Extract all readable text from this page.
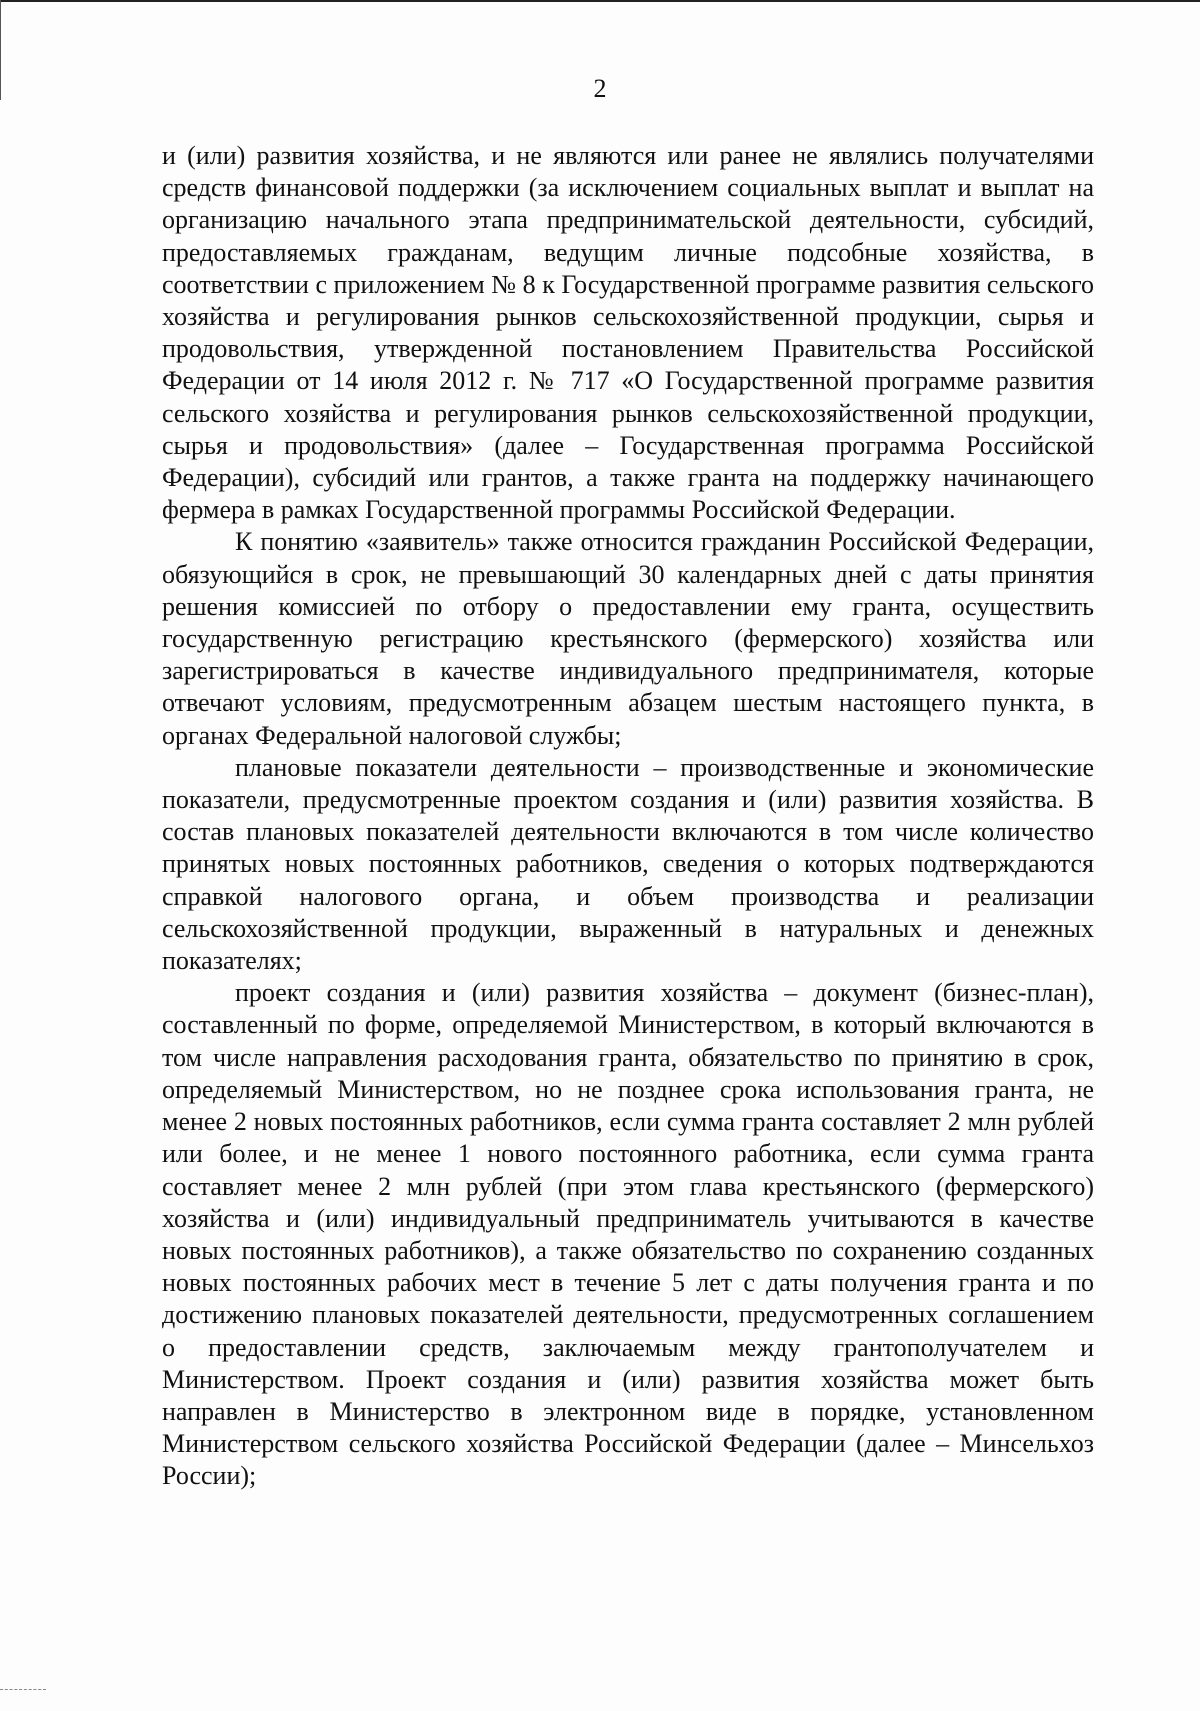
2

и (или) развития хозяйства, и не являются или ранее не являлись получателями средств финансовой поддержки (за исключением социальных выплат и выплат на организацию начального этапа предпринимательской деятельности, субсидий, предоставляемых гражданам, ведущим личные подсобные хозяйства, в соответствии с приложением № 8 к Государственной программе развития сельского хозяйства и регулирования рынков сельскохозяйственной продукции, сырья и продовольствия, утвержденной постановлением Правительства Российской Федерации от 14 июля 2012 г. № 717 «О Государственной программе развития сельского хозяйства и регулирования рынков сельскохозяйственной продукции, сырья и продовольствия» (далее – Государственная программа Российской Федерации), субсидий или грантов, а также гранта на поддержку начинающего фермера в рамках Государственной программы Российской Федерации.

К понятию «заявитель» также относится гражданин Российской Федерации, обязующийся в срок, не превышающий 30 календарных дней с даты принятия решения комиссией по отбору о предоставлении ему гранта, осуществить государственную регистрацию крестьянского (фермерского) хозяйства или зарегистрироваться в качестве индивидуального предпринимателя, которые отвечают условиям, предусмотренным абзацем шестым настоящего пункта, в органах Федеральной налоговой службы;

плановые показатели деятельности – производственные и экономические показатели, предусмотренные проектом создания и (или) развития хозяйства. В состав плановых показателей деятельности включаются в том числе количество принятых новых постоянных работников, сведения о которых подтверждаются справкой налогового органа, и объем производства и реализации сельскохозяйственной продукции, выраженный в натуральных и денежных показателях;

проект создания и (или) развития хозяйства – документ (бизнес-план), составленный по форме, определяемой Министерством, в который включаются в том числе направления расходования гранта, обязательство по принятию в срок, определяемый Министерством, но не позднее срока использования гранта, не менее 2 новых постоянных работников, если сумма гранта составляет 2 млн рублей или более, и не менее 1 нового постоянного работника, если сумма гранта составляет менее 2 млн рублей (при этом глава крестьянского (фермерского) хозяйства и (или) индивидуальный предприниматель учитываются в качестве новых постоянных работников), а также обязательство по сохранению созданных новых постоянных рабочих мест в течение 5 лет с даты получения гранта и по достижению плановых показателей деятельности, предусмотренных соглашением о предоставлении средств, заключаемым между грантополучателем и Министерством. Проект создания и (или) развития хозяйства может быть направлен в Министерство в электронном виде в порядке, установленном Министерством сельского хозяйства Российской Федерации (далее – Минсельхоз России);
